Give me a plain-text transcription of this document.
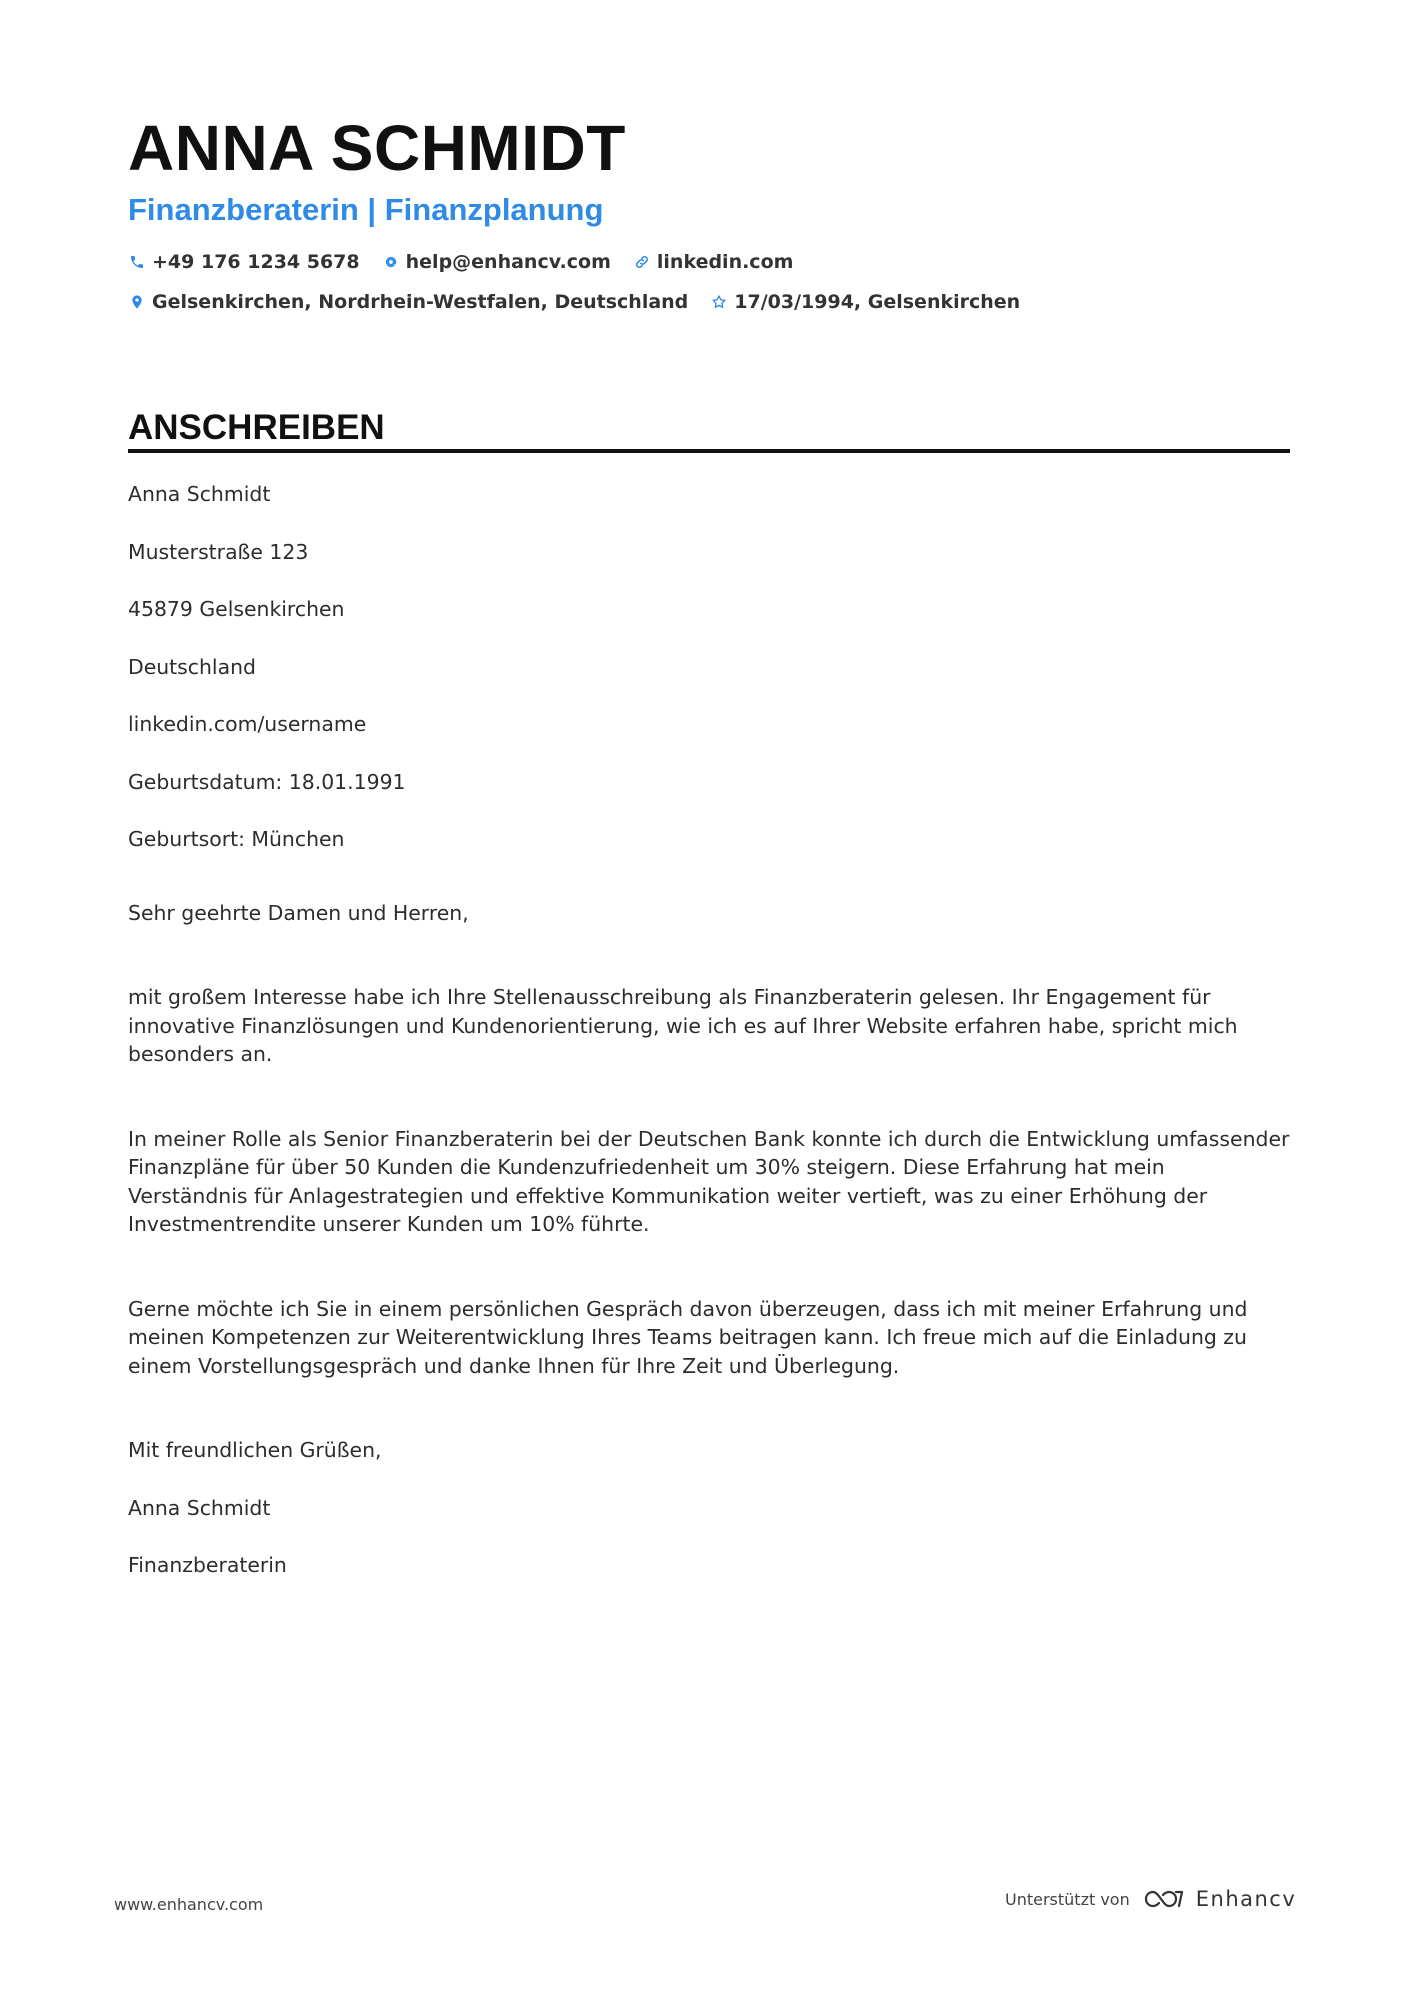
ANNA SCHMIDT
Finanzberaterin | Finanzplanung
+49 176 1234 5678 help@enhancv.com linkedin.com
Gelsenkirchen, Nordrhein-Westfalen, Deutschland 17/03/1994, Gelsenkirchen
ANSCHREIBEN

Anna Schmidt

Musterstraße 123

45879 Gelsenkirchen

Deutschland

linkedin.com/username

Geburtsdatum: 18.01.1991

Geburtsort: München

Sehr geehrte Damen und Herren,

mit großem Interesse habe ich Ihre Stellenausschreibung als Finanzberaterin gelesen. Ihr Engagement für innovative Finanzlösungen und Kundenorientierung, wie ich es auf Ihrer Website erfahren habe, spricht mich besonders an.

In meiner Rolle als Senior Finanzberaterin bei der Deutschen Bank konnte ich durch die Entwicklung umfassender Finanzpläne für über 50 Kunden die Kundenzufriedenheit um 30% steigern. Diese Erfahrung hat mein Verständnis für Anlagestrategien und effektive Kommunikation weiter vertieft, was zu einer Erhöhung der Investmentrendite unserer Kunden um 10% führte.

Gerne möchte ich Sie in einem persönlichen Gespräch davon überzeugen, dass ich mit meiner Erfahrung und meinen Kompetenzen zur Weiterentwicklung Ihres Teams beitragen kann. Ich freue mich auf die Einladung zu einem Vorstellungsgespräch und danke Ihnen für Ihre Zeit und Überlegung.

Mit freundlichen Grüßen,

Anna Schmidt

Finanzberaterin

www.enhancv.com	Unterstützt von	Enhancv
